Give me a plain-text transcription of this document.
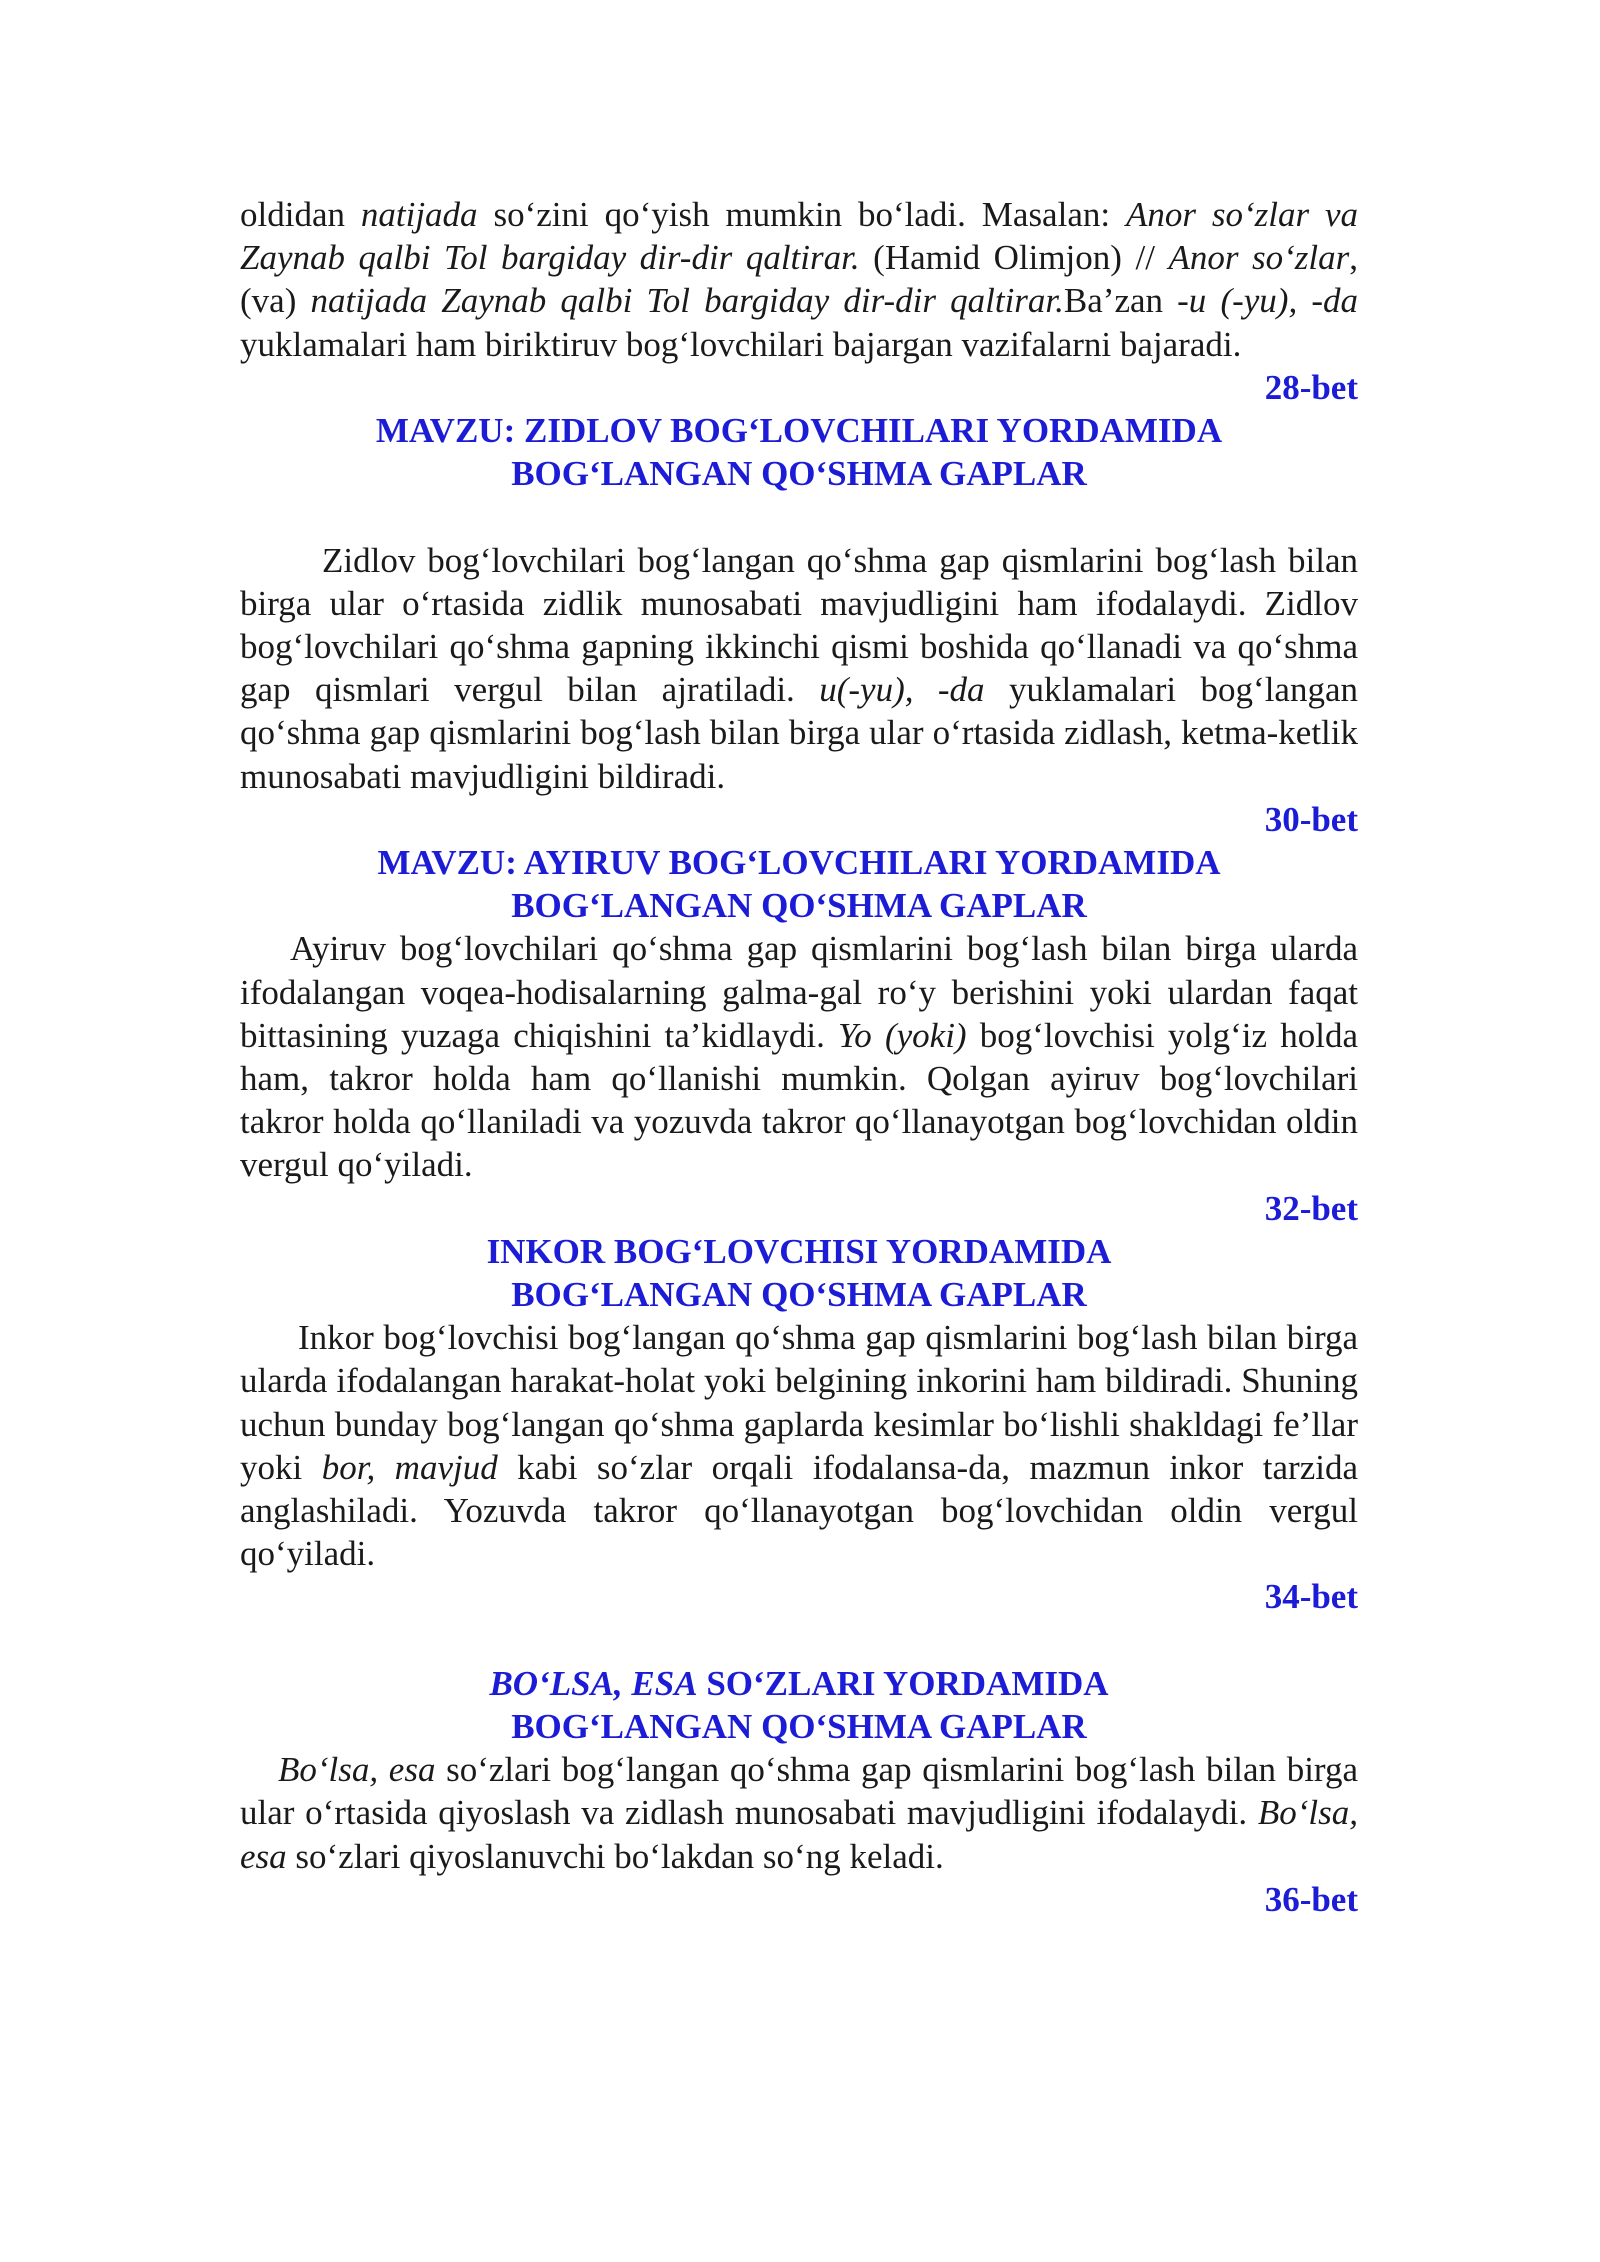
oldidan natijada so‘zini qo‘yish mumkin bo‘ladi. Masalan: Anor so‘zlar va Zaynab qalbi Tol bargiday dir-dir qaltirar. (Hamid Olimjon) // Anor so‘zlar, (va) natijada Zaynab qalbi Tol bargiday dir-dir qaltirar.Ba’zan -u (-yu), -da yuklamalari ham biriktiruv bog‘lovchilari bajargan vazifalarni bajaradi.

28-bet

MAVZU: ZIDLOV BOG‘LOVCHILARI YORDAMIDA
BOG‘LANGAN QO‘SHMA GAPLAR

Zidlov bog‘lovchilari bog‘langan qo‘shma gap qismlarini bog‘lash bilan birga ular o‘rtasida zidlik munosabati mavjudligini ham ifodalaydi. Zidlov bog‘lovchilari qo‘shma gapning ikkinchi qismi boshida qo‘llanadi va qo‘shma gap qismlari vergul bilan ajratiladi. u(-yu), -da yuklamalari bog‘langan qo‘shma gap qismlarini bog‘lash bilan birga ular o‘rtasida zidlash, ketma-ketlik munosabati mavjudligini bildiradi.

30-bet

MAVZU: AYIRUV BOG‘LOVCHILARI YORDAMIDA
BOG‘LANGAN QO‘SHMA GAPLAR

Ayiruv bog‘lovchilari qo‘shma gap qismlarini bog‘lash bilan birga ularda ifodalangan voqea-hodisalarning galma-gal ro‘y berishini yoki ulardan faqat bittasining yuzaga chiqishini ta’kidlaydi. Yo (yoki) bog‘lovchisi yolg‘iz holda ham, takror holda ham qo‘llanishi mumkin. Qolgan ayiruv bog‘lovchilari takror holda qo‘llaniladi va yozuvda takror qo‘llanayotgan bog‘lovchidan oldin vergul qo‘yiladi.

32-bet

INKOR BOG‘LOVCHISI YORDAMIDA
BOG‘LANGAN QO‘SHMA GAPLAR

Inkor bog‘lovchisi bog‘langan qo‘shma gap qismlarini bog‘lash bilan birga ularda ifodalangan harakat-holat yoki belgining inkorini ham bildiradi. Shuning uchun bunday bog‘langan qo‘shma gaplarda kesimlar bo‘lishli shakldagi fe’llar yoki bor, mavjud kabi so‘zlar orqali ifodalansa-da, mazmun inkor tarzida anglashiladi. Yozuvda takror qo‘llanayotgan bog‘lovchidan oldin vergul qo‘yiladi.

34-bet

BO‘LSA, ESA SO‘ZLARI YORDAMIDA
BOG‘LANGAN QO‘SHMA GAPLAR

Bo‘lsa, esa so‘zlari bog‘langan qo‘shma gap qismlarini bog‘lash bilan birga ular o‘rtasida qiyoslash va zidlash munosabati mavjudligini ifodalaydi. Bo‘lsa, esa so‘zlari qiyoslanuvchi bo‘lakdan so‘ng keladi.

36-bet
